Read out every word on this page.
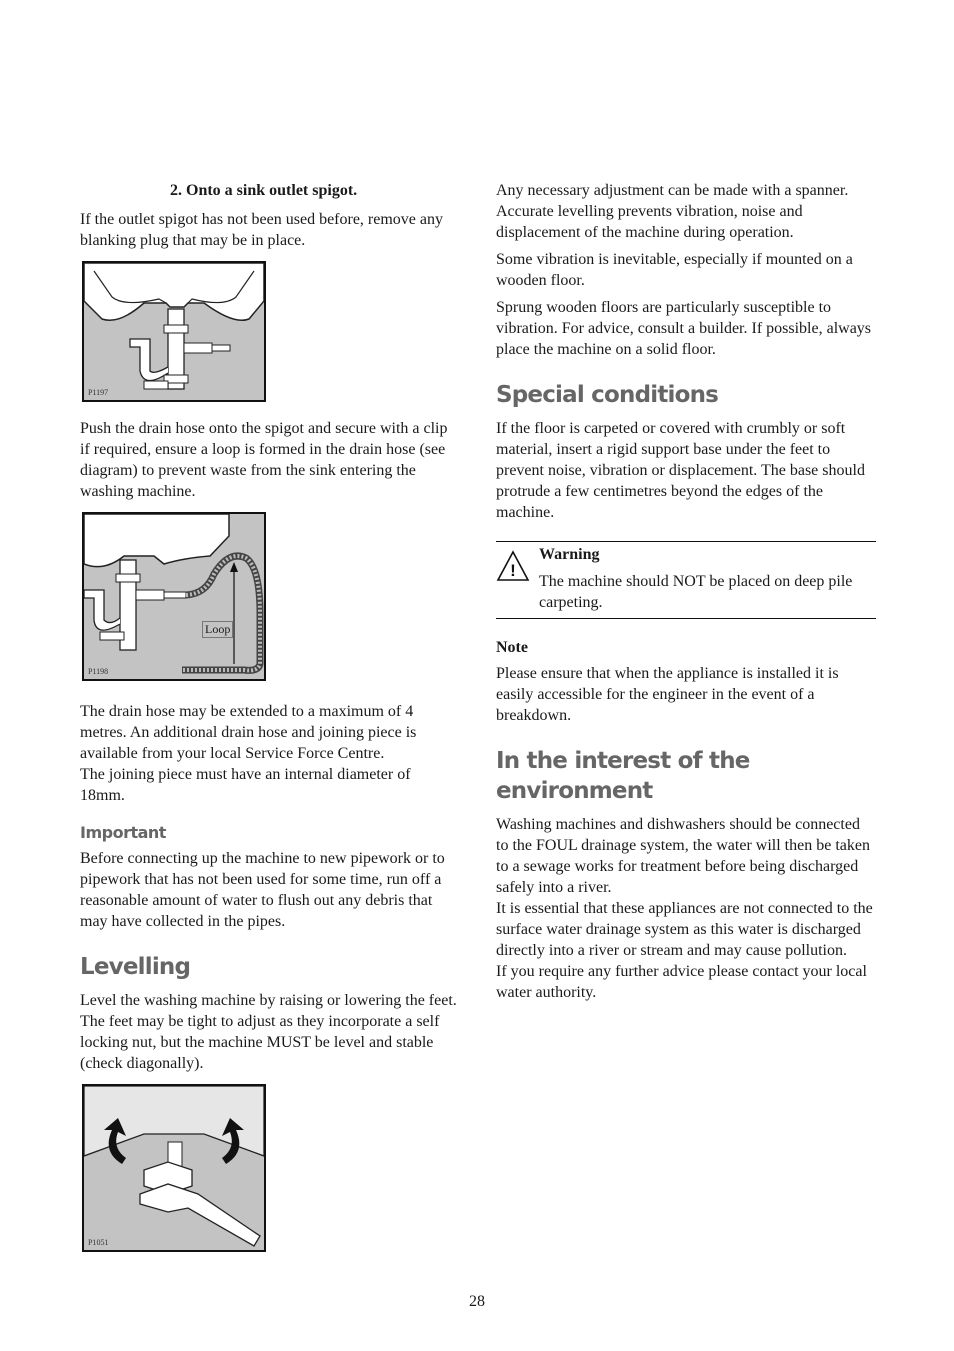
2. Onto a sink outlet spigot.

If the outlet spigot has not been used before, remove any blanking plug that may be in place.

P1197

Push the drain hose onto the spigot and secure with a clip if required, ensure a loop is formed in the drain hose (see diagram) to prevent waste from the sink entering the washing machine.

Loop
P1198

The drain hose may be extended to a maximum of 4 metres. An additional drain hose and joining piece is available from your local Service Force Centre.

The joining piece must have an internal diameter of 18mm.

Important

Before connecting up the machine to new pipework or to pipework that has not been used for some time, run off a reasonable amount of water to flush out any debris that may have collected in the pipes.

Levelling

Level the washing machine by raising or lowering the feet. The feet may be tight to adjust as they incorporate a self locking nut, but the machine MUST be level and stable (check diagonally).

P1051

Any necessary adjustment can be made with a spanner. Accurate levelling prevents vibration, noise and displacement of the machine during operation.

Some vibration is inevitable, especially if mounted on a wooden floor.

Sprung wooden floors are particularly susceptible to vibration. For advice, consult a builder. If possible, always place the machine on a solid floor.

Special conditions

If the floor is carpeted or covered with crumbly or soft material, insert a rigid support base under the feet to prevent noise, vibration or displacement. The base should protrude a few centimetres beyond the edges of the machine.

!
Warning
The machine should NOT be placed on deep pile carpeting.
Note

Please ensure that when the appliance is installed it is easily accessible for the engineer in the event of a breakdown.

In the interest of the environment

Washing machines and dishwashers should be connected to the FOUL drainage system, the water will then be taken to a sewage works for treatment before being discharged safely into a river.

It is essential that these appliances are not connected to the surface water drainage system as this water is discharged directly into a river or stream and may cause pollution.

If you require any further advice please contact your local water authority.

28
